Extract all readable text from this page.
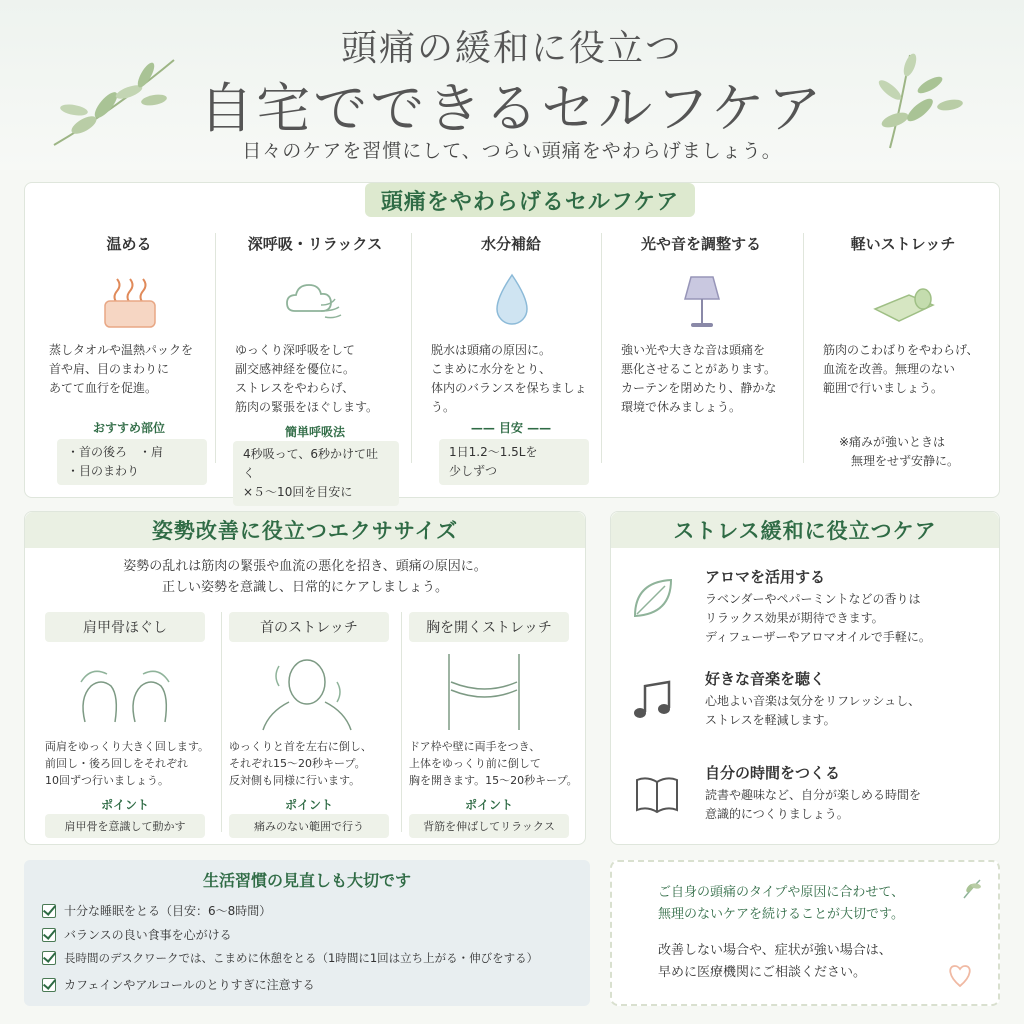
頭痛の緩和に役立つ
自宅でできるセルフケア
日々のケアを習慣にして、つらい頭痛をやわらげましょう。
頭痛をやわらげるセルフケア
温める
蒸しタオルや温熱パックを
首や肩、目のまわりに
あてて血行を促進。
おすすめ部位
・首の後ろ　・肩
・目のまわり
深呼吸・リラックス
ゆっくり深呼吸をして
副交感神経を優位に。
ストレスをやわらげ、
筋肉の緊張をほぐします。
簡単呼吸法
4秒吸って、6秒かけて吐く
×５〜10回を目安に
水分補給
脱水は頭痛の原因に。
こまめに水分をとり、
体内のバランスを保ちましょう。
—— 目安 ——
1日1.2〜1.5Lを
少しずつ
光や音を調整する
強い光や大きな音は頭痛を
悪化させることがあります。
カーテンを閉めたり、静かな
環境で休みましょう。
軽いストレッチ
筋肉のこわばりをやわらげ、
血流を改善。無理のない
範囲で行いましょう。
※痛みが強いときは
　無理をせず安静に。
姿勢改善に役立つエクササイズ
姿勢の乱れは筋肉の緊張や血流の悪化を招き、頭痛の原因に。
正しい姿勢を意識し、日常的にケアしましょう。
肩甲骨ほぐし
両肩をゆっくり大きく回します。
前回し・後ろ回しをそれぞれ
10回ずつ行いましょう。
ポイント
肩甲骨を意識して動かす
首のストレッチ
ゆっくりと首を左右に倒し、
それぞれ15〜20秒キープ。
反対側も同様に行います。
ポイント
痛みのない範囲で行う
胸を開くストレッチ
ドア枠や壁に両手をつき、
上体をゆっくり前に倒して
胸を開きます。15〜20秒キープ。
ポイント
背筋を伸ばしてリラックス
ストレス緩和に役立つケア
アロマを活用する
ラベンダーやペパーミントなどの香りは
リラックス効果が期待できます。
ディフューザーやアロマオイルで手軽に。
好きな音楽を聴く
心地よい音楽は気分をリフレッシュし、
ストレスを軽減します。
自分の時間をつくる
読書や趣味など、自分が楽しめる時間を
意識的につくりましょう。
生活習慣の見直しも大切です
十分な睡眠をとる（目安：6〜8時間）
バランスの良い食事を心がける
長時間のデスクワークでは、こまめに休憩をとる（1時間に1回は立ち上がる・伸びをする）
カフェインやアルコールのとりすぎに注意する
ご自身の頭痛のタイプや原因に合わせて、
無理のないケアを続けることが大切です。
改善しない場合や、症状が強い場合は、
早めに医療機関にご相談ください。
